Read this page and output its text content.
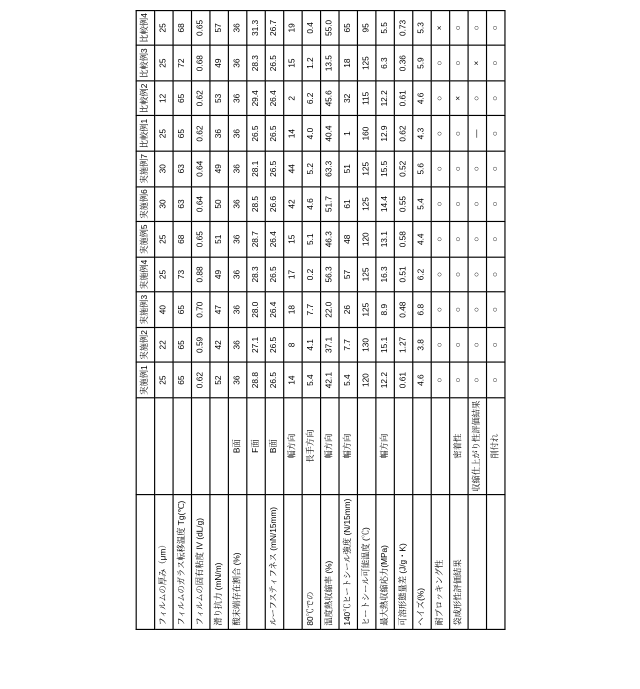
		実施例1	実施例2	実施例3	実施例4	実施例5	実施例6	実施例7	比較例1	比較例2	比較例3	比較例4
フィルムの厚み（μm）		25	22	40	25	25	30	30	25	12	25	25
フィルムのガラス転移温度 Tg(℃)		65	65	65	73	68	63	63	65	65	72	68
フィルムの固有粘度 IV (dL/g)		0.62	0.59	0.70	0.88	0.65	0.64	0.64	0.62	0.62	0.68	0.65
滑り抗力 (mN/m)		52	42	47	49	51	50	49	36	53	49	57
酸末端存在割合 (%)	B面	36	36	36	36	36	36	36	36	36	36	36
	F面	28.8	27.1	28.0	28.3	28.7	28.5	28.1	26.5	29.4	28.3	31.3
ルーフスティフネス (mN/15mm)	B面	26.5	26.5	26.4	26.5	26.4	26.6	26.5	26.5	26.4	26.5	26.7
	幅方向	14	8	18	17	15	42	44	14	2	15	19
80℃での	長手方向	5.4	4.1	7.7	0.2	5.1	4.6	5.2	4.0	6.2	1.2	0.4
温度熱収縮率 (%)	幅方向	42.1	37.1	22.0	56.3	46.3	51.7	63.3	40.4	45.6	13.5	55.0
140℃ヒートシール強度 (N/15mm)	幅方向	5.4	7.7	26	57	48	61	51	1	32	18	65
ヒートシール可能温度 (℃)		120	130	125	125	120	125	125	160	115	125	95
最大熱収縮応力(MPa)	幅方向	12.2	15.1	8.9	16.3	13.1	14.4	15.5	12.9	12.2	6.3	5.5
可溶形態量差 (J/g・K)		0.61	1.27	0.48	0.51	0.58	0.55	0.52	0.62	0.61	0.36	0.73
ヘイズ(%)		4.6	3.8	6.8	6.2	4.4	5.4	5.6	4.3	4.6	5.9	5.3
耐ブロッキング性		○	○	○	○	○	○	○	○	○	○	×
袋成形性評価結果	密着性	○	○	○	○	○	○	○	○	×	○	○
	収縮仕上がり性評価結果	○	○	○	○	○	○	○	—	○	×	○
	削付れ	○	○	○	○	○	○	○	○	○	○	○
